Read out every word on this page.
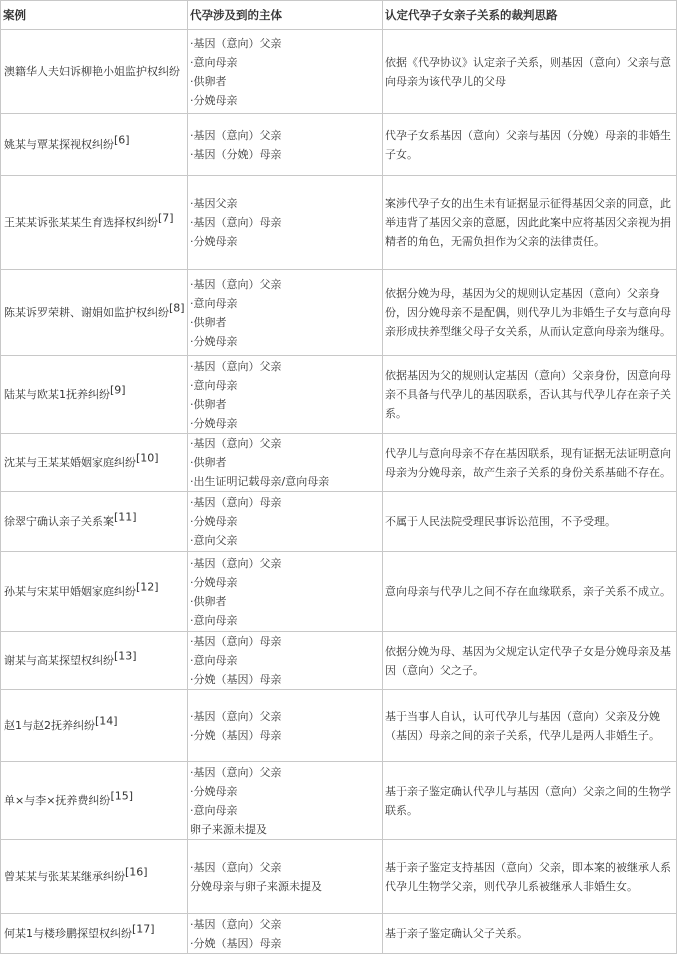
案例	代孕涉及到的主体	认定代孕子女亲子关系的裁判思路
澳籍华人夫妇诉柳艳小姐监护权纠纷	·基因（意向）父亲
·意向母亲
·供卵者
·分娩母亲	依据《代孕协议》认定亲子关系，则基因（意向）父亲与意向母亲为该代孕儿的父母

姚某与覃某探视权纠纷[6]	·基因（意向）父亲
·基因（分娩）母亲	代孕子女系基因（意向）父亲与基因（分娩）母亲的非婚生子女。

王某某诉张某某生育选择权纠纷[7]	·基因父亲
·基因（意向）母亲
·分娩母亲	案涉代孕子女的出生未有证据显示征得基因父亲的同意，此举违背了基因父亲的意愿，因此此案中应将基因父亲视为捐精者的角色，无需负担作为父亲的法律责任。

陈某诉罗荣耕、谢娟如监护权纠纷[8]	·基因（意向）父亲
·意向母亲
·供卵者
·分娩母亲	依据分娩为母，基因为父的规则认定基因（意向）父亲身份，因分娩母亲不是配偶，则代孕儿为非婚生子女与意向母亲形成扶养型继父母子女关系，从而认定意向母亲为继母。

陆某与欧某1抚养纠纷[9]	·基因（意向）父亲
·意向母亲
·供卵者
·分娩母亲	依据基因为父的规则认定基因（意向）父亲身份，因意向母亲不具备与代孕儿的基因联系，否认其与代孕儿存在亲子关系。

沈某与王某某婚姻家庭纠纷[10]	·基因（意向）父亲
·供卵者
·出生证明记载母亲/意向母亲	代孕儿与意向母亲不存在基因联系，现有证据无法证明意向母亲为分娩母亲，故产生亲子关系的身份关系基础不存在。

徐翠宁确认亲子关系案[11]	·基因（意向）母亲
·分娩母亲
·意向父亲	不属于人民法院受理民事诉讼范围，不予受理。

孙某与宋某甲婚姻家庭纠纷[12]	·基因（意向）父亲
·分娩母亲
·供卵者
·意向母亲	意向母亲与代孕儿之间不存在血缘联系，亲子关系不成立。

谢某与高某探望权纠纷[13]	·基因（意向）母亲
·意向母亲
·分娩（基因）母亲	依据分娩为母、基因为父规定认定代孕子女是分娩母亲及基因（意向）父之子。

赵1与赵2抚养纠纷[14]	·基因（意向）父亲
·分娩（基因）母亲	基于当事人自认，认可代孕儿与基因（意向）父亲及分娩（基因）母亲之间的亲子关系，代孕儿是两人非婚生子。

单×与李×抚养费纠纷[15]	·基因（意向）父亲
·分娩母亲
·意向母亲
卵子来源未提及	基于亲子鉴定确认代孕儿与基因（意向）父亲之间的生物学联系。

曾某某与张某某继承纠纷[16]	·基因（意向）父亲
分娩母亲与卵子来源未提及	基于亲子鉴定支持基因（意向）父亲，即本案的被继承人系代孕儿生物学父亲，则代孕儿系被继承人非婚生女。

何某1与楼珍鹏探望权纠纷[17]	·基因（意向）父亲
·分娩（基因）母亲	基于亲子鉴定确认父子关系。
